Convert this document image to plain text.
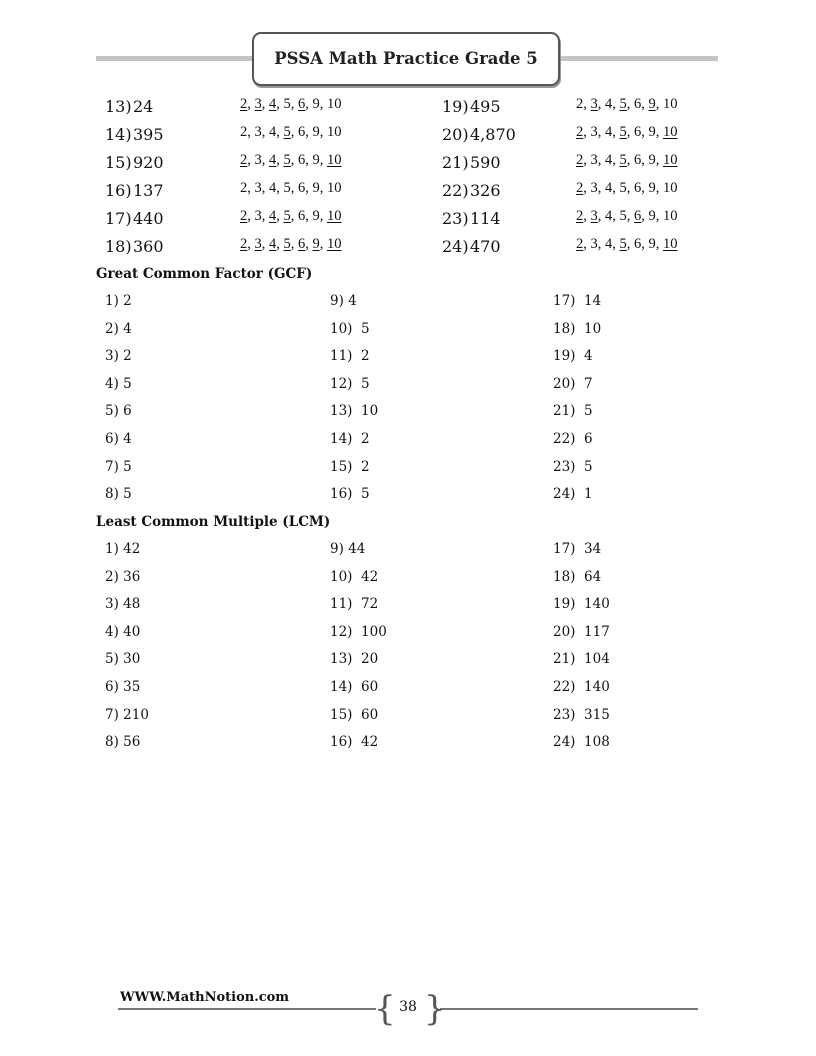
PSSA Math Practice Grade 5
13) 24	2, 3, 4, 5, 6, 9, 10
14) 395	2, 3, 4, 5, 6, 9, 10
15) 920	2, 3, 4, 5, 6, 9, 10
16) 137	2, 3, 4, 5, 6, 9, 10
17) 440	2, 3, 4, 5, 6, 9, 10
18) 360	2, 3, 4, 5, 6, 9, 10
19) 495	2, 3, 4, 5, 6, 9, 10
20) 4,870	2, 3, 4, 5, 6, 9, 10
21) 590	2, 3, 4, 5, 6, 9, 10
22) 326	2, 3, 4, 5, 6, 9, 10
23) 114	2, 3, 4, 5, 6, 9, 10
24) 470	2, 3, 4, 5, 6, 9, 10
Great Common Factor (GCF)
1) 2
2) 4
3) 2
4) 5
5) 6
6) 4
7) 5
8) 5
9) 4
10)  5
11)  2
12)  5
13)  10
14)  2
15)  2
16)  5
17)  14
18)  10
19)  4
20)  7
21)  5
22)  6
23)  5
24)  1
Least Common Multiple (LCM)
1) 42
2) 36
3) 48
4) 40
5) 30
6) 35
7) 210
8) 56
9) 44
10)  42
11)  72
12)  100
13)  20
14)  60
15)  60
16)  42
17)  34
18)  64
19)  140
20)  117
21)  104
22)  140
23)  315
24)  108
WWW.MathNotion.com { }
38
